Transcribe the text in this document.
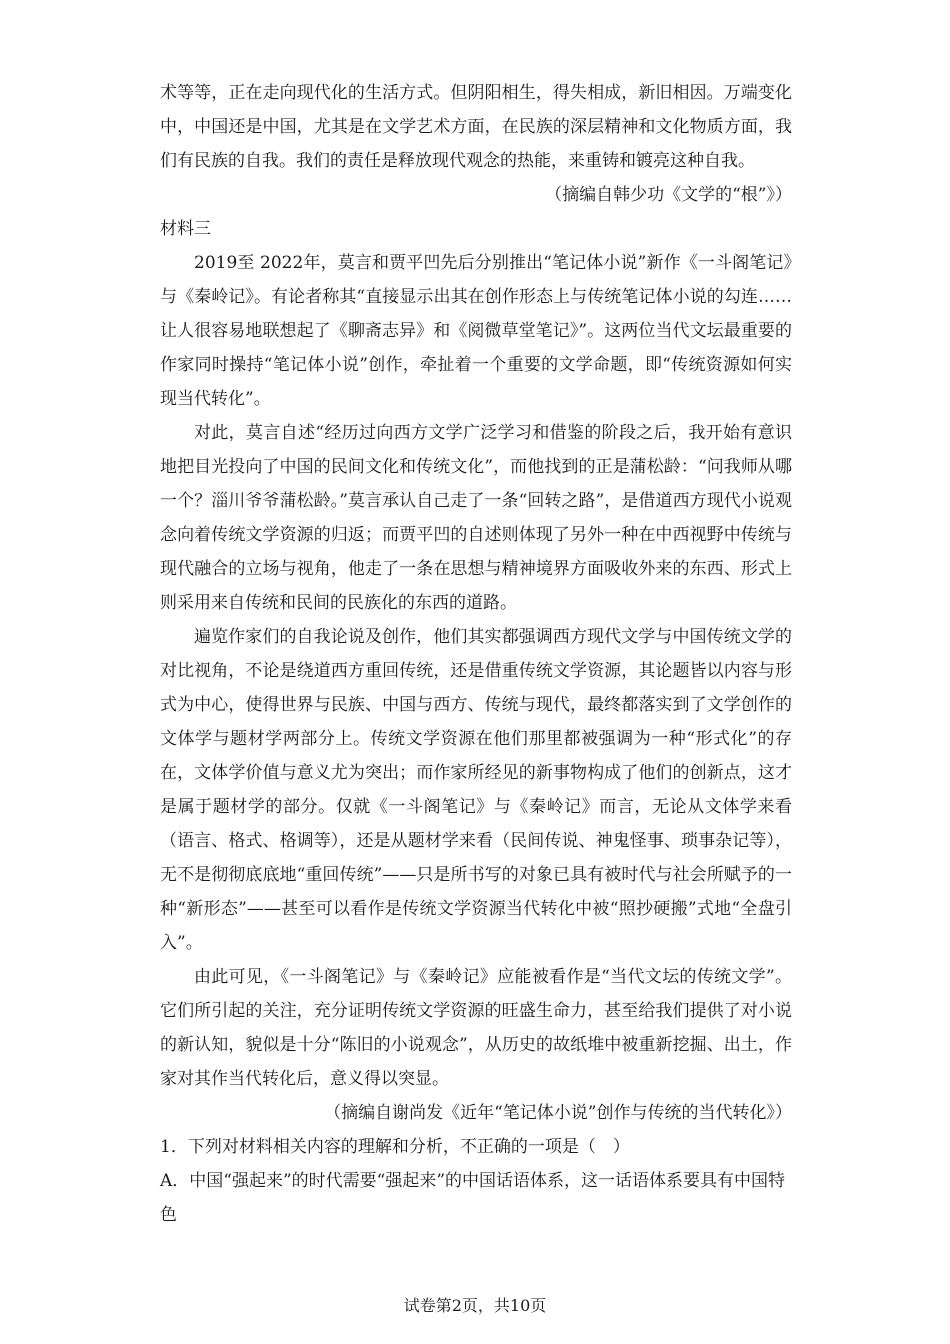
术等等，正在走向现代化的生活方式。但阴阳相生，得失相成，新旧相因。万端变化中，中国还是中国，尤其是在文学艺术方面，在民族的深层精神和文化物质方面，我们有民族的自我。我们的责任是释放现代观念的热能，来重铸和镀亮这种自我。

（摘编自韩少功《文学的“根”》）

材料三

2019至 2022年，莫言和贾平凹先后分别推出“笔记体小说”新作《一斗阁笔记》与《秦岭记》。有论者称其“直接显示出其在创作形态上与传统笔记体小说的勾连……让人很容易地联想起了《聊斋志异》和《阅微草堂笔记》”。这两位当代文坛最重要的作家同时操持“笔记体小说”创作，牵扯着一个重要的文学命题，即“传统资源如何实现当代转化”。

对此，莫言自述“经历过向西方文学广泛学习和借鉴的阶段之后，我开始有意识地把目光投向了中国的民间文化和传统文化”，而他找到的正是蒲松龄：“问我师从哪一个？淄川爷爷蒲松龄。”莫言承认自己走了一条“回转之路”，是借道西方现代小说观念向着传统文学资源的归返；而贾平凹的自述则体现了另外一种在中西视野中传统与现代融合的立场与视角，他走了一条在思想与精神境界方面吸收外来的东西、形式上则采用来自传统和民间的民族化的东西的道路。

遍览作家们的自我论说及创作，他们其实都强调西方现代文学与中国传统文学的对比视角，不论是绕道西方重回传统，还是借重传统文学资源，其论题皆以内容与形式为中心，使得世界与民族、中国与西方、传统与现代，最终都落实到了文学创作的文体学与题材学两部分上。传统文学资源在他们那里都被强调为一种“形式化”的存在，文体学价值与意义尤为突出；而作家所经见的新事物构成了他们的创新点，这才是属于题材学的部分。仅就《一斗阁笔记》与《秦岭记》而言，无论从文体学来看（语言、格式、格调等），还是从题材学来看（民间传说、神鬼怪事、琐事杂记等），无不是彻彻底底地“重回传统”——只是所书写的对象已具有被时代与社会所赋予的一种“新形态”——甚至可以看作是传统文学资源当代转化中被“照抄硬搬”式地“全盘引入”。

由此可见，《一斗阁笔记》与《秦岭记》应能被看作是“当代文坛的传统文学”。它们所引起的关注，充分证明传统文学资源的旺盛生命力，甚至给我们提供了对小说的新认知，貌似是十分“陈旧的小说观念”，从历史的故纸堆中被重新挖掘、出土，作家对其作当代转化后，意义得以突显。

（摘编自谢尚发《近年“笔记体小说”创作与传统的当代转化》）

1．下列对材料相关内容的理解和分析，不正确的一项是（　）

A．中国“强起来”的时代需要“强起来”的中国话语体系，这一话语体系要具有中国特色

试卷第2页，共10页
